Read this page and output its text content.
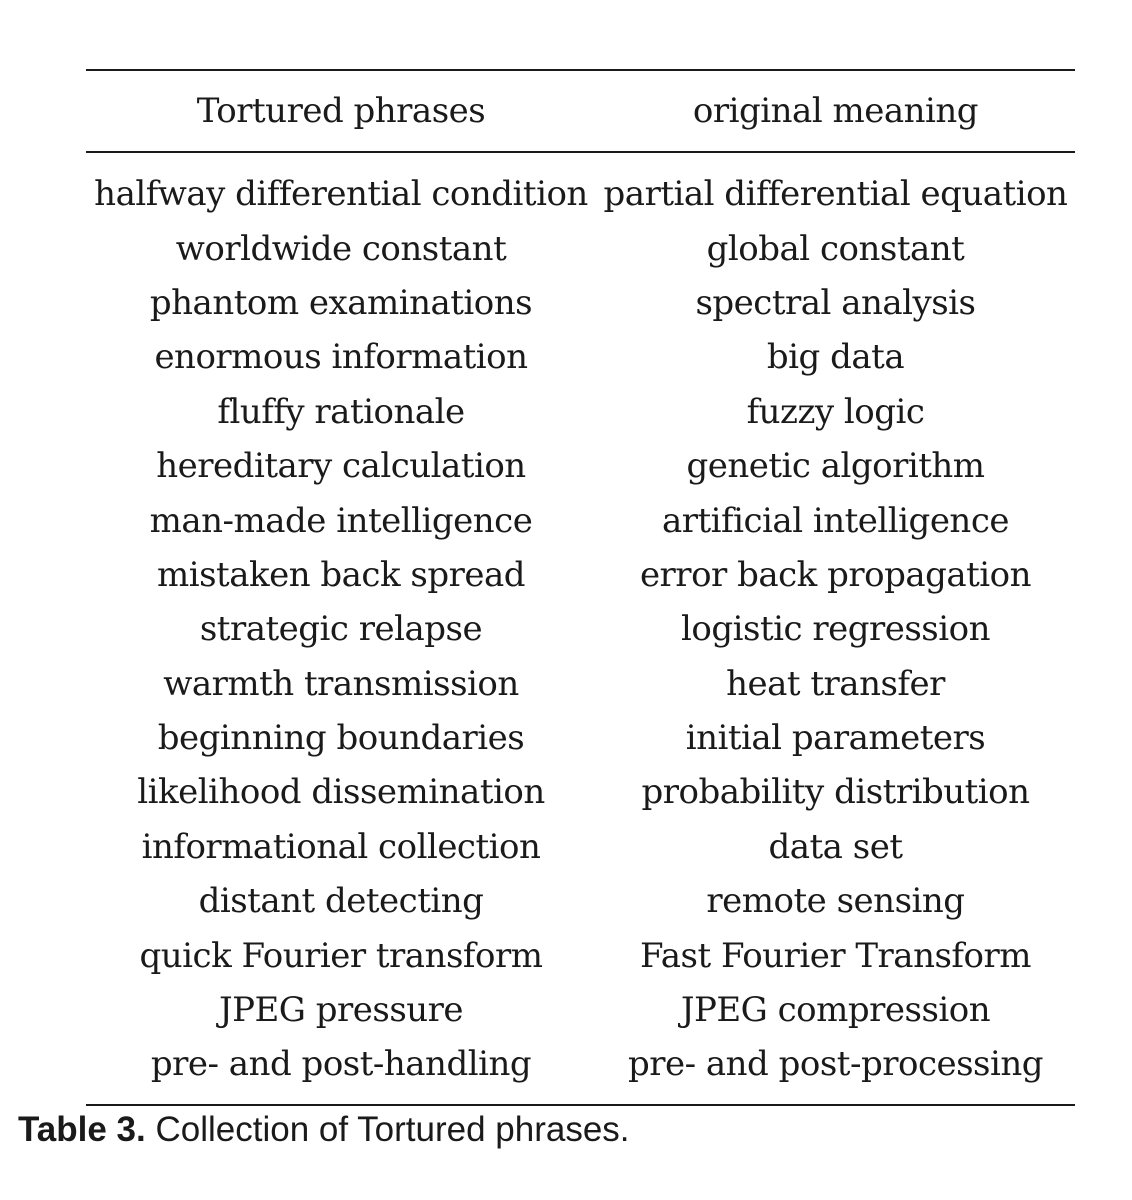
Tortured phrases	original meaning
halfway differential condition	partial differential equation
worldwide constant	global constant
phantom examinations	spectral analysis
enormous information	big data
fluffy rationale	fuzzy logic
hereditary calculation	genetic algorithm
man-made intelligence	artificial intelligence
mistaken back spread	error back propagation
strategic relapse	logistic regression
warmth transmission	heat transfer
beginning boundaries	initial parameters
likelihood dissemination	probability distribution
informational collection	data set
distant detecting	remote sensing
quick Fourier transform	Fast Fourier Transform
JPEG pressure	JPEG compression
pre- and post-handling	pre- and post-processing
Table 3. Collection of Tortured phrases.
